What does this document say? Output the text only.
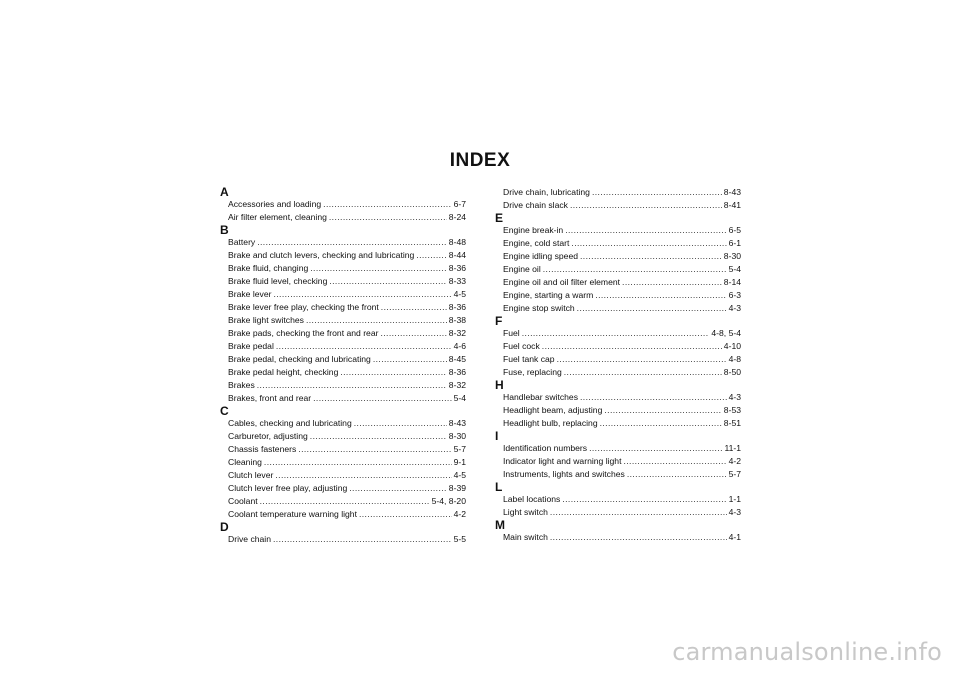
INDEX
A
Accessories and loading .....	6-7
Air filter element, cleaning .....	8-24
B
Battery .....	8-48
Brake and clutch levers, checking and lubricating .....	8-44
Brake fluid, changing .....	8-36
Brake fluid level, checking .....	8-33
Brake lever .....	4-5
Brake lever free play, checking the front .....	8-36
Brake light switches .....	8-38
Brake pads, checking the front and rear .....	8-32
Brake pedal .....	4-6
Brake pedal, checking and lubricating .....	8-45
Brake pedal height, checking .....	8-36
Brakes .....	8-32
Brakes, front and rear .....	5-4
C
Cables, checking and lubricating .....	8-43
Carburetor, adjusting .....	8-30
Chassis fasteners .....	5-7
Cleaning .....	9-1
Clutch lever .....	4-5
Clutch lever free play, adjusting .....	8-39
Coolant .....	5-4, 8-20
Coolant temperature warning light .....	4-2
D
Drive chain .....	5-5
Drive chain, lubricating .....	8-43
Drive chain slack .....	8-41
E
Engine break-in .....	6-5
Engine, cold start .....	6-1
Engine idling speed .....	8-30
Engine oil .....	5-4
Engine oil and oil filter element .....	8-14
Engine, starting a warm .....	6-3
Engine stop switch .....	4-3
F
Fuel .....	4-8, 5-4
Fuel cock .....	4-10
Fuel tank cap .....	4-8
Fuse, replacing .....	8-50
H
Handlebar switches .....	4-3
Headlight beam, adjusting .....	8-53
Headlight bulb, replacing .....	8-51
I
Identification numbers .....	11-1
Indicator light and warning light .....	4-2
Instruments, lights and switches .....	5-7
L
Label locations .....	1-1
Light switch .....	4-3
M
Main switch .....	4-1
carmanualsonline.info
